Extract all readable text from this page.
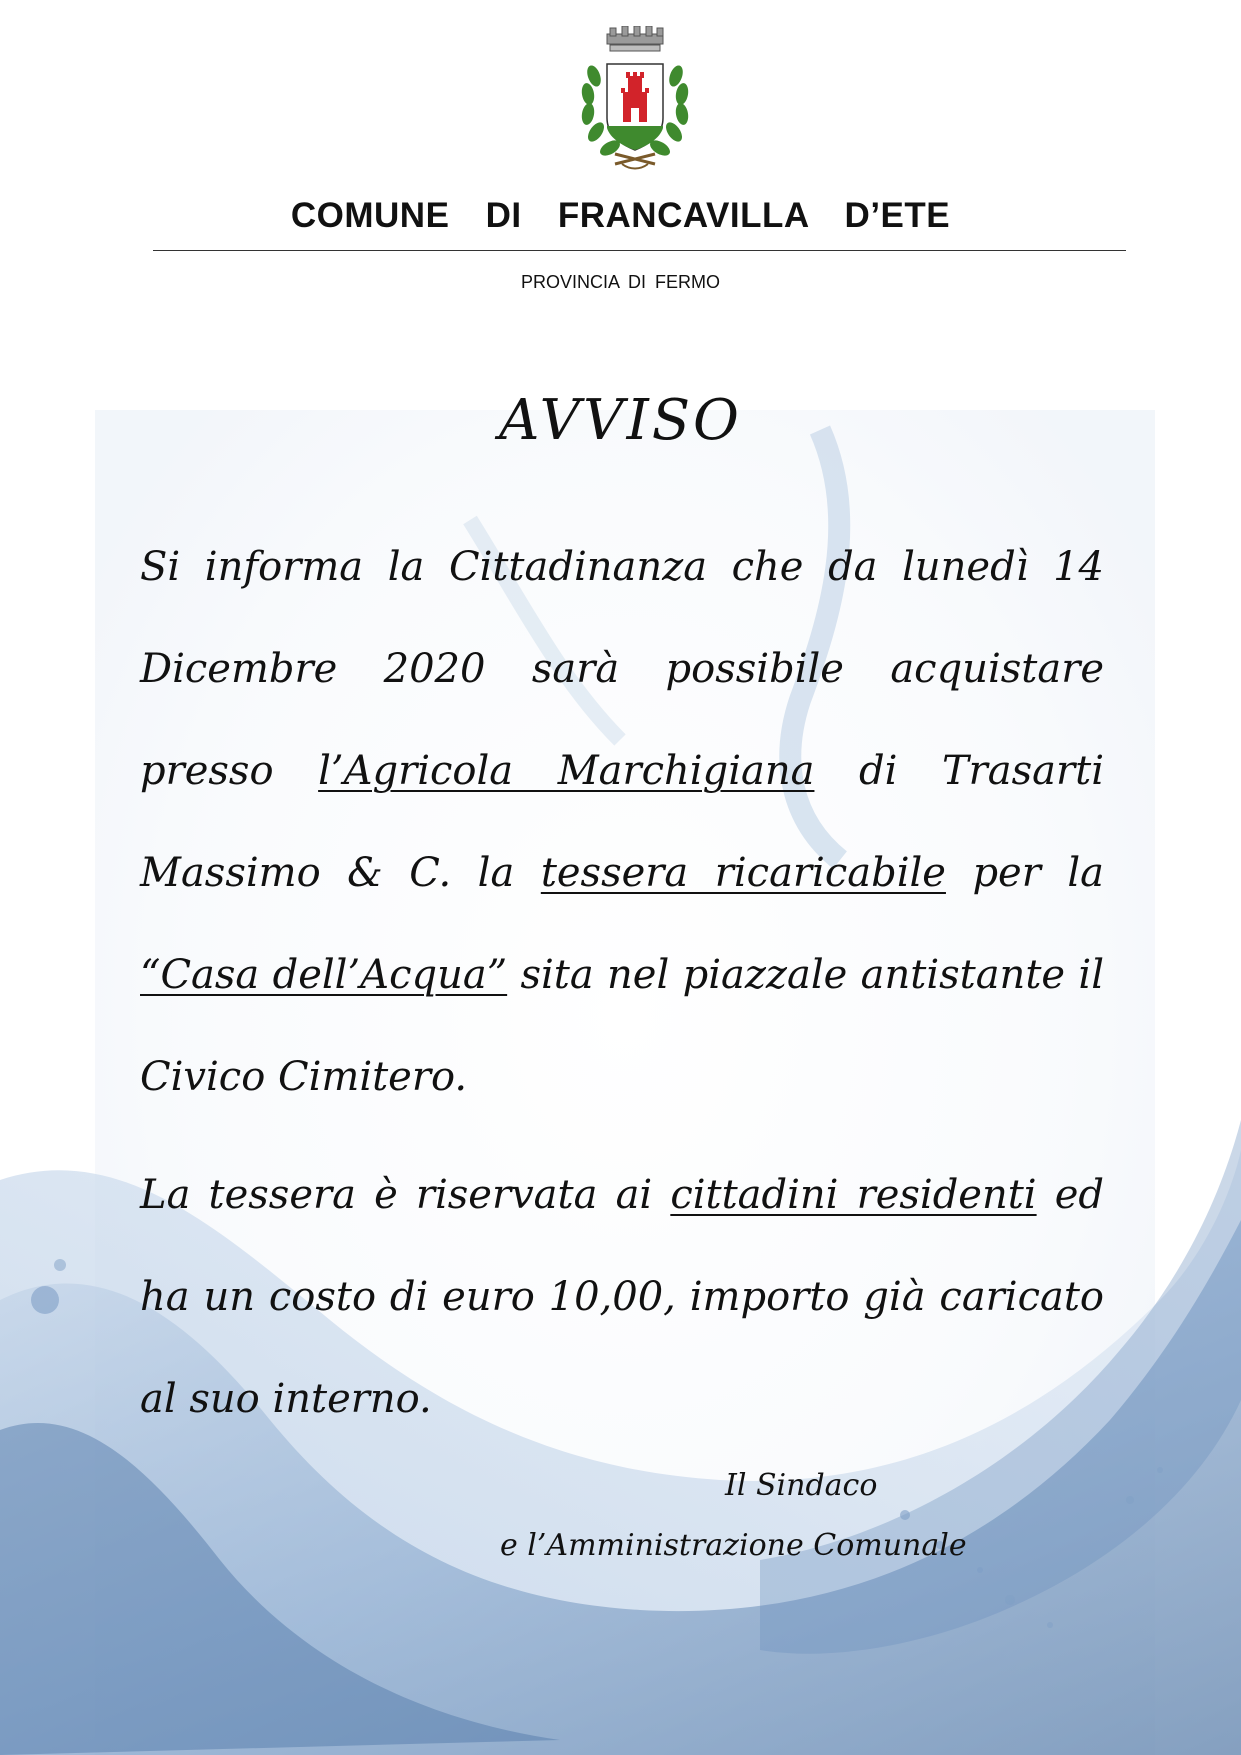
COMUNE DI FRANCAVILLA D’ETE
PROVINCIA DI FERMO
AVVISO
Si informa la Cittadinanza che da lunedì 14 Dicembre 2020 sarà possibile acquistare presso l’Agricola Marchigiana di Trasarti Massimo & C. la tessera ricaricabile per la “Casa dell’Acqua” sita nel piazzale antistante il Civico Cimitero.
La tessera è riservata ai cittadini residenti ed ha un costo di euro 10,00, importo già caricato al suo interno.
Il Sindaco
e l’Amministrazione Comunale
